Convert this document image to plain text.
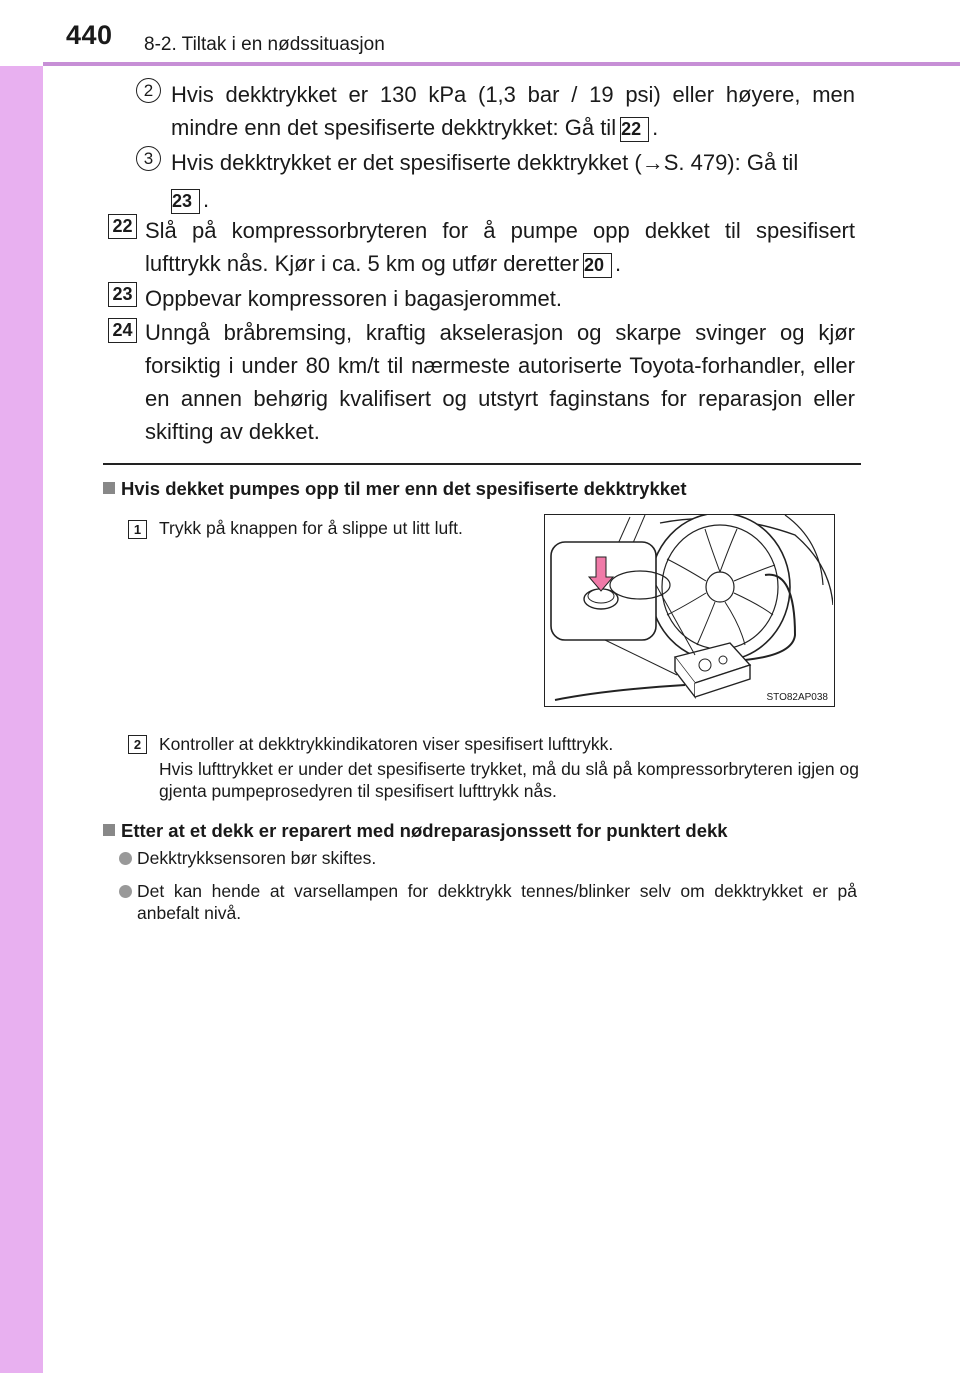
440 8-2. Tiltak i en nødssituasjon
2 Hvis dekktrykket er 130 kPa (1,3 bar / 19 psi) eller høyere, men mindre enn det spesifiserte dekktrykket: Gå til 22 .
3 Hvis dekktrykket er det spesifiserte dekktrykket (→S. 479): Gå til
23 .
22 Slå på kompressorbryteren for å pumpe opp dekket til spesifisert lufttrykk nås. Kjør i ca. 5 km og utfør deretter 20 .
23 Oppbevar kompressoren i bagasjerommet.
24 Unngå bråbremsing, kraftig akselerasjon og skarpe svinger og kjør forsiktig i under 80 km/t til nærmeste autoriserte Toyota-forhandler, eller en annen behørig kvalifisert og utstyrt faginstans for reparasjon eller skifting av dekket.
Hvis dekket pumpes opp til mer enn det spesifiserte dekktrykket
1	Trykk på knappen for å slippe ut litt luft.
STO82AP038
2	Kontroller at dekktrykkindikatoren viser spesifisert lufttrykk.
Hvis lufttrykket er under det spesifiserte trykket, må du slå på kompressorbryteren igjen og gjenta pumpeprosedyren til spesifisert lufttrykk nås.
Etter at et dekk er reparert med nødreparasjonssett for punktert dekk
Dekktrykksensoren bør skiftes.
Det kan hende at varsellampen for dekktrykk tennes/blinker selv om dekktrykket er på anbefalt nivå.
